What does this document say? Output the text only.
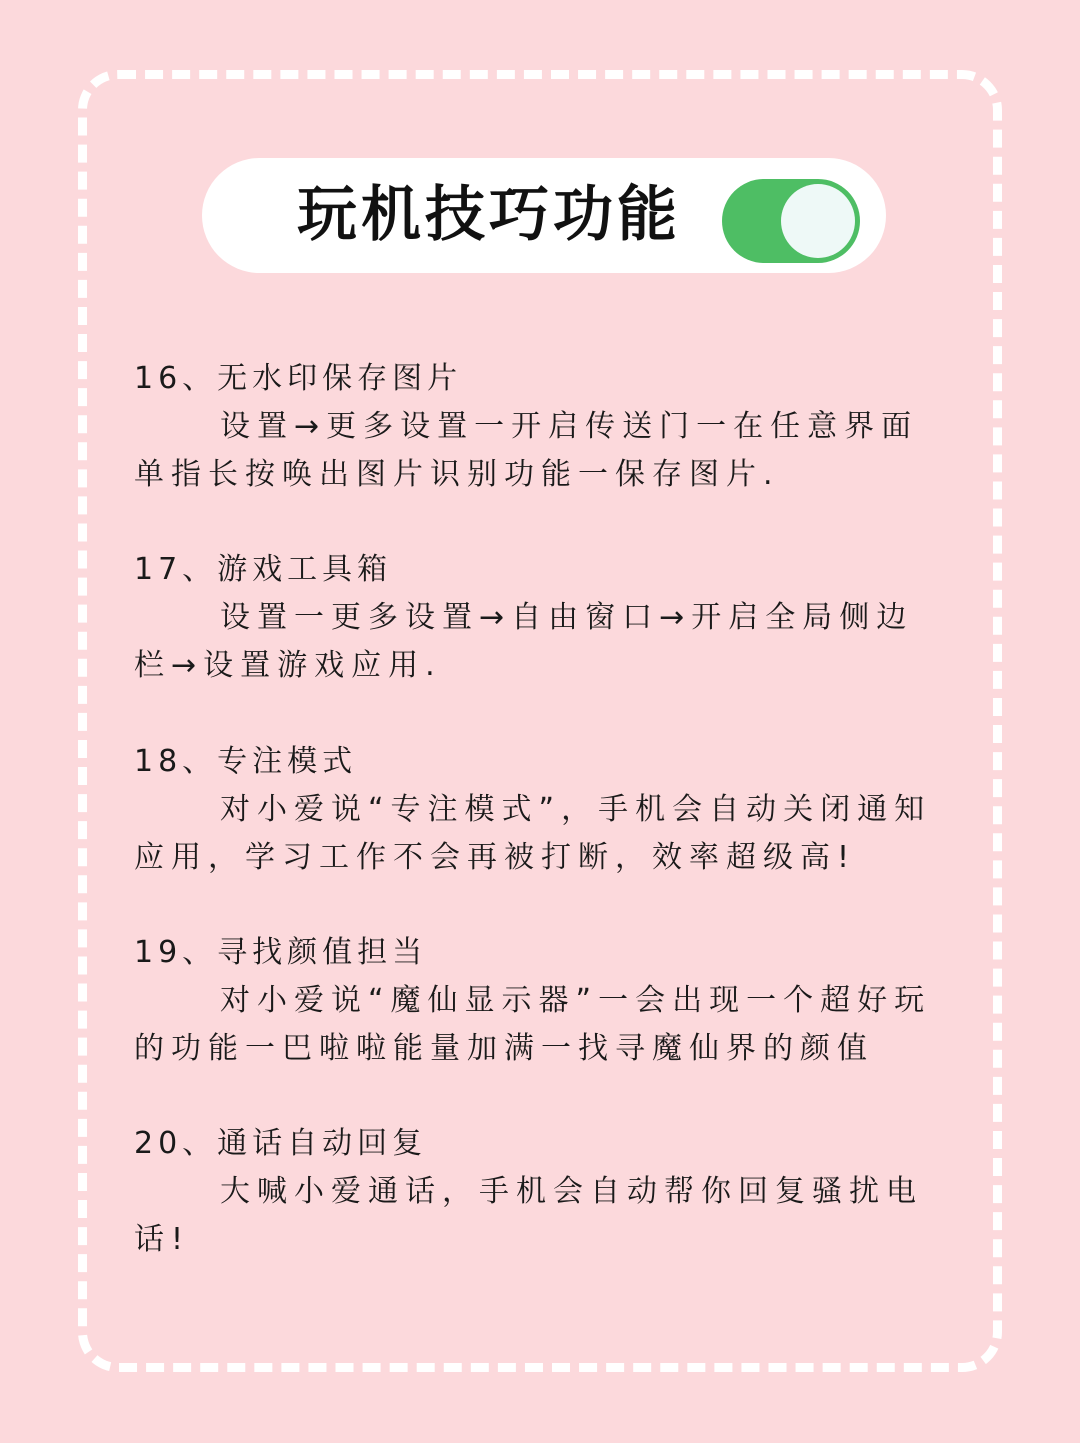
玩机技巧功能
16、无水印保存图片
设置→更多设置一开启传送门一在任意界面单指长按唤出图片识别功能一保存图片.
17、游戏工具箱
设置一更多设置→自由窗口→开启全局侧边栏→设置游戏应用.
18、专注模式
对小爱说“专注模式”，手机会自动关闭通知应用，学习工作不会再被打断，效率超级高!
19、寻找颜值担当
对小爱说“魔仙显示器”一会出现一个超好玩的功能一巴啦啦能量加满一找寻魔仙界的颜值
20、通话自动回复
大喊小爱通话，手机会自动帮你回复骚扰电话!
